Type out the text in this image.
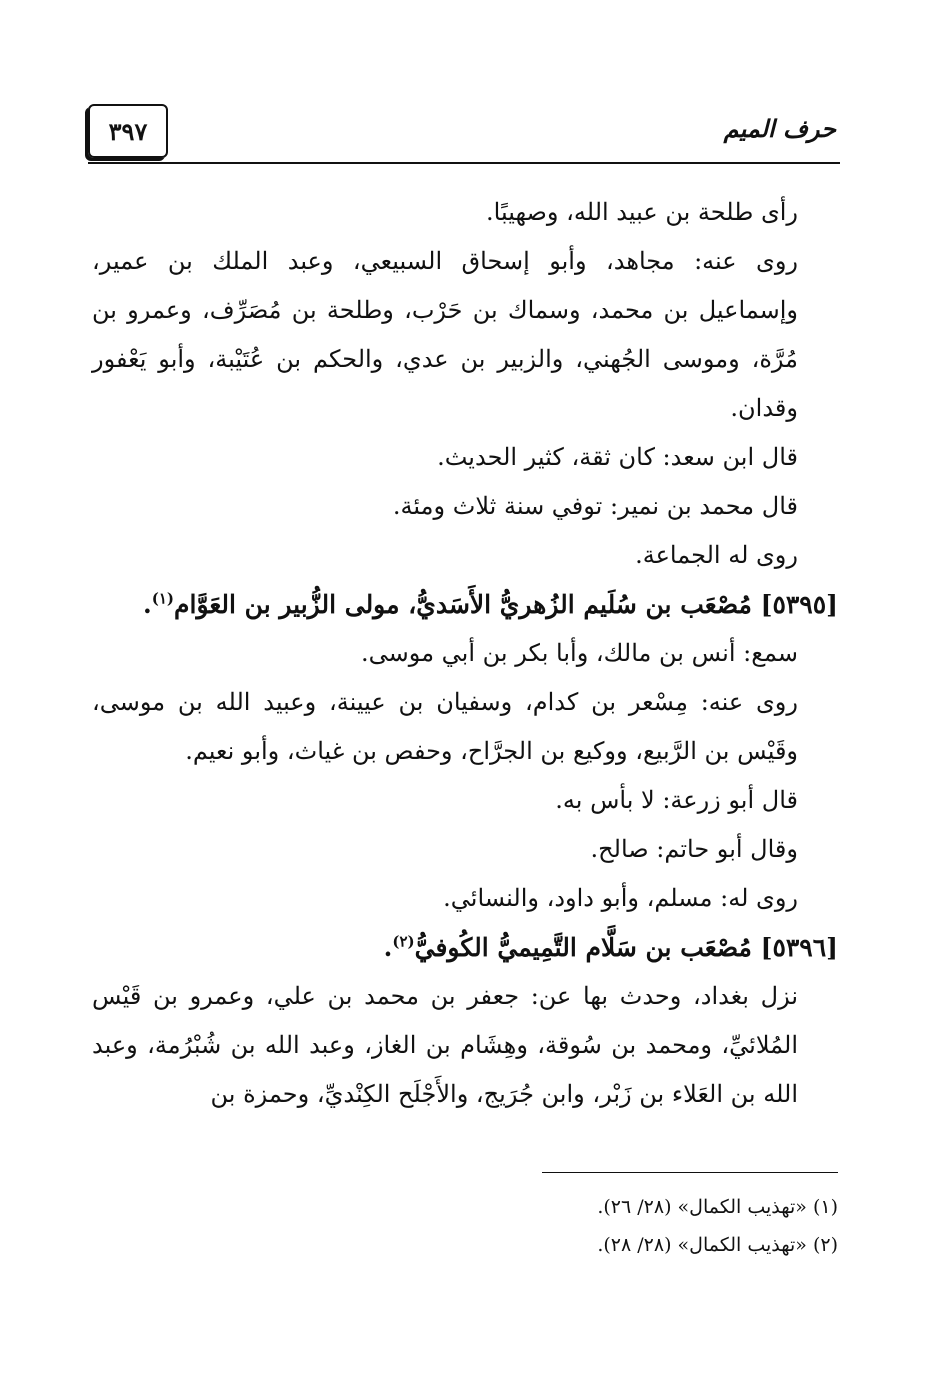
٣٩٧	حرف الميم

رأى طلحة بن عبيد الله، وصهيبًا.

روى عنه: مجاهد، وأبو إسحاق السبيعي، وعبد الملك بن عمير، وإسماعيل بن محمد، وسماك بن حَرْب، وطلحة بن مُصَرِّف، وعمرو بن مُرَّة، وموسى الجُهني، والزبير بن عدي، والحكم بن عُتَيْبة، وأبو يَعْفور وقدان.

قال ابن سعد: كان ثقة، كثير الحديث.

قال محمد بن نمير: توفي سنة ثلاث ومئة.

روى له الجماعة.

[٥٣٩٥] مُصْعَب بن سُلَيم الزُهريُّ الأَسَديُّ، مولى الزُّبير بن العَوَّام$^{(١)}$.

سمع: أنس بن مالك، وأبا بكر بن أبي موسى.

روى عنه: مِسْعر بن كدام، وسفيان بن عيينة، وعبيد الله بن موسى، وقَيْس بن الرَّبيع، ووكيع بن الجرَّاح، وحفص بن غياث، وأبو نعيم.

قال أبو زرعة: لا بأس به.

وقال أبو حاتم: صالح.

روى له: مسلم، وأبو داود، والنسائي.

[٥٣٩٦] مُصْعَب بن سَلَّام التَّمِيميُّ الكُوفيُّ$^{(٢)}$.

نزل بغداد، وحدث بها عن: جعفر بن محمد بن علي، وعمرو بن قَيْس المُلائيِّ، ومحمد بن سُوقة، وهِشَام بن الغاز، وعبد الله بن شُبْرُمة، وعبد الله بن العَلاء بن زَبْر، وابن جُرَيج، والأَجْلَح الكِنْديِّ، وحمزة بن

(١) «تهذيب الكمال» (٢٨/ ٢٦).

(٢) «تهذيب الكمال» (٢٨/ ٢٨).
